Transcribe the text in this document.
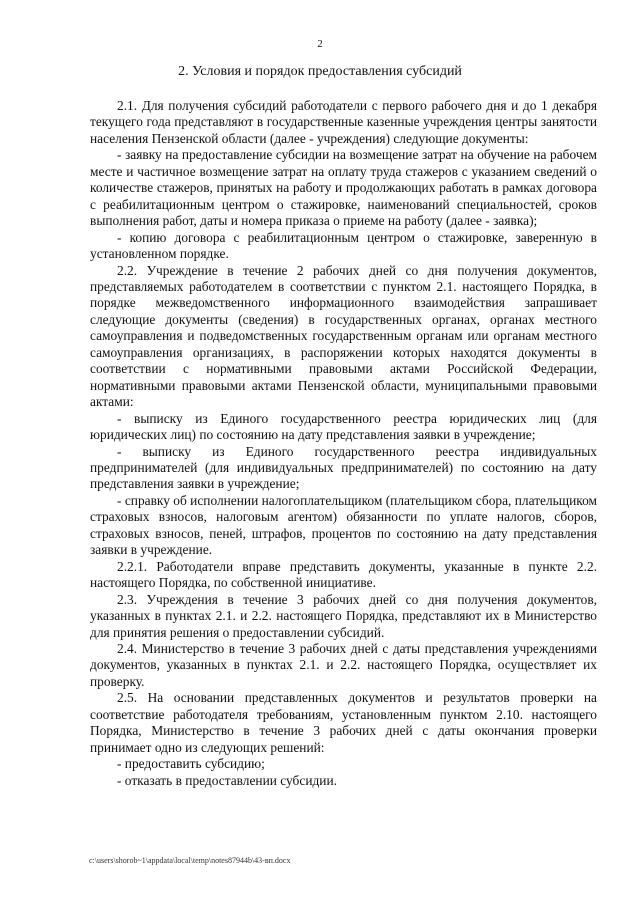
2
2. Условия и порядок предоставления субсидий

2.1. Для получения субсидий работодатели с первого рабочего дня и до 1 декабря текущего года представляют в государственные казенные учреждения центры занятости населения Пензенской области (далее - учреждения) следующие документы:

- заявку на предоставление субсидии на возмещение затрат на обучение на рабочем месте и частичное возмещение затрат на оплату труда стажеров с указанием сведений о количестве стажеров, принятых на работу и продолжающих работать в рамках договора с реабилитационным центром о стажировке, наименований специальностей, сроков выполнения работ, даты и номера приказа о приеме на работу (далее - заявка);

- копию договора с реабилитационным центром о стажировке, заверенную в установленном порядке.

2.2. Учреждение в течение 2 рабочих дней со дня получения документов, представляемых работодателем в соответствии с пунктом 2.1. настоящего Порядка, в порядке межведомственного информационного взаимодействия запрашивает следующие документы (сведения) в государственных органах, органах местного самоуправления и подведомственных государственным органам или органам местного самоуправления организациях, в распоряжении которых находятся документы в соответствии с нормативными правовыми актами Российской Федерации, нормативными правовыми актами Пензенской области, муниципальными правовыми актами:

- выписку из Единого государственного реестра юридических лиц (для юридических лиц) по состоянию на дату представления заявки в учреждение;

- выписку из Единого государственного реестра индивидуальных предпринимателей (для индивидуальных предпринимателей) по состоянию на дату представления заявки в учреждение;

- справку об исполнении налогоплательщиком (плательщиком сбора, плательщиком страховых взносов, налоговым агентом) обязанности по уплате налогов, сборов, страховых взносов, пеней, штрафов, процентов по состоянию на дату представления заявки в учреждение.

2.2.1. Работодатели вправе представить документы, указанные в пункте 2.2. настоящего Порядка, по собственной инициативе.

2.3. Учреждения в течение 3 рабочих дней со дня получения документов, указанных в пунктах 2.1. и 2.2. настоящего Порядка, представляют их в Министерство для принятия решения о предоставлении субсидий.

2.4. Министерство в течение 3 рабочих дней с даты представления учреждениями документов, указанных в пунктах 2.1. и 2.2. настоящего Порядка, осуществляет их проверку.

2.5. На основании представленных документов и результатов проверки на соответствие работодателя требованиям, установленным пунктом 2.10. настоящего Порядка, Министерство в течение 3 рабочих дней с даты окончания проверки принимает одно из следующих решений:

- предоставить субсидию;

- отказать в предоставлении субсидии.

c:\users\shorob~1\appdata\local\temp\notes87944b\43-вп.docx
